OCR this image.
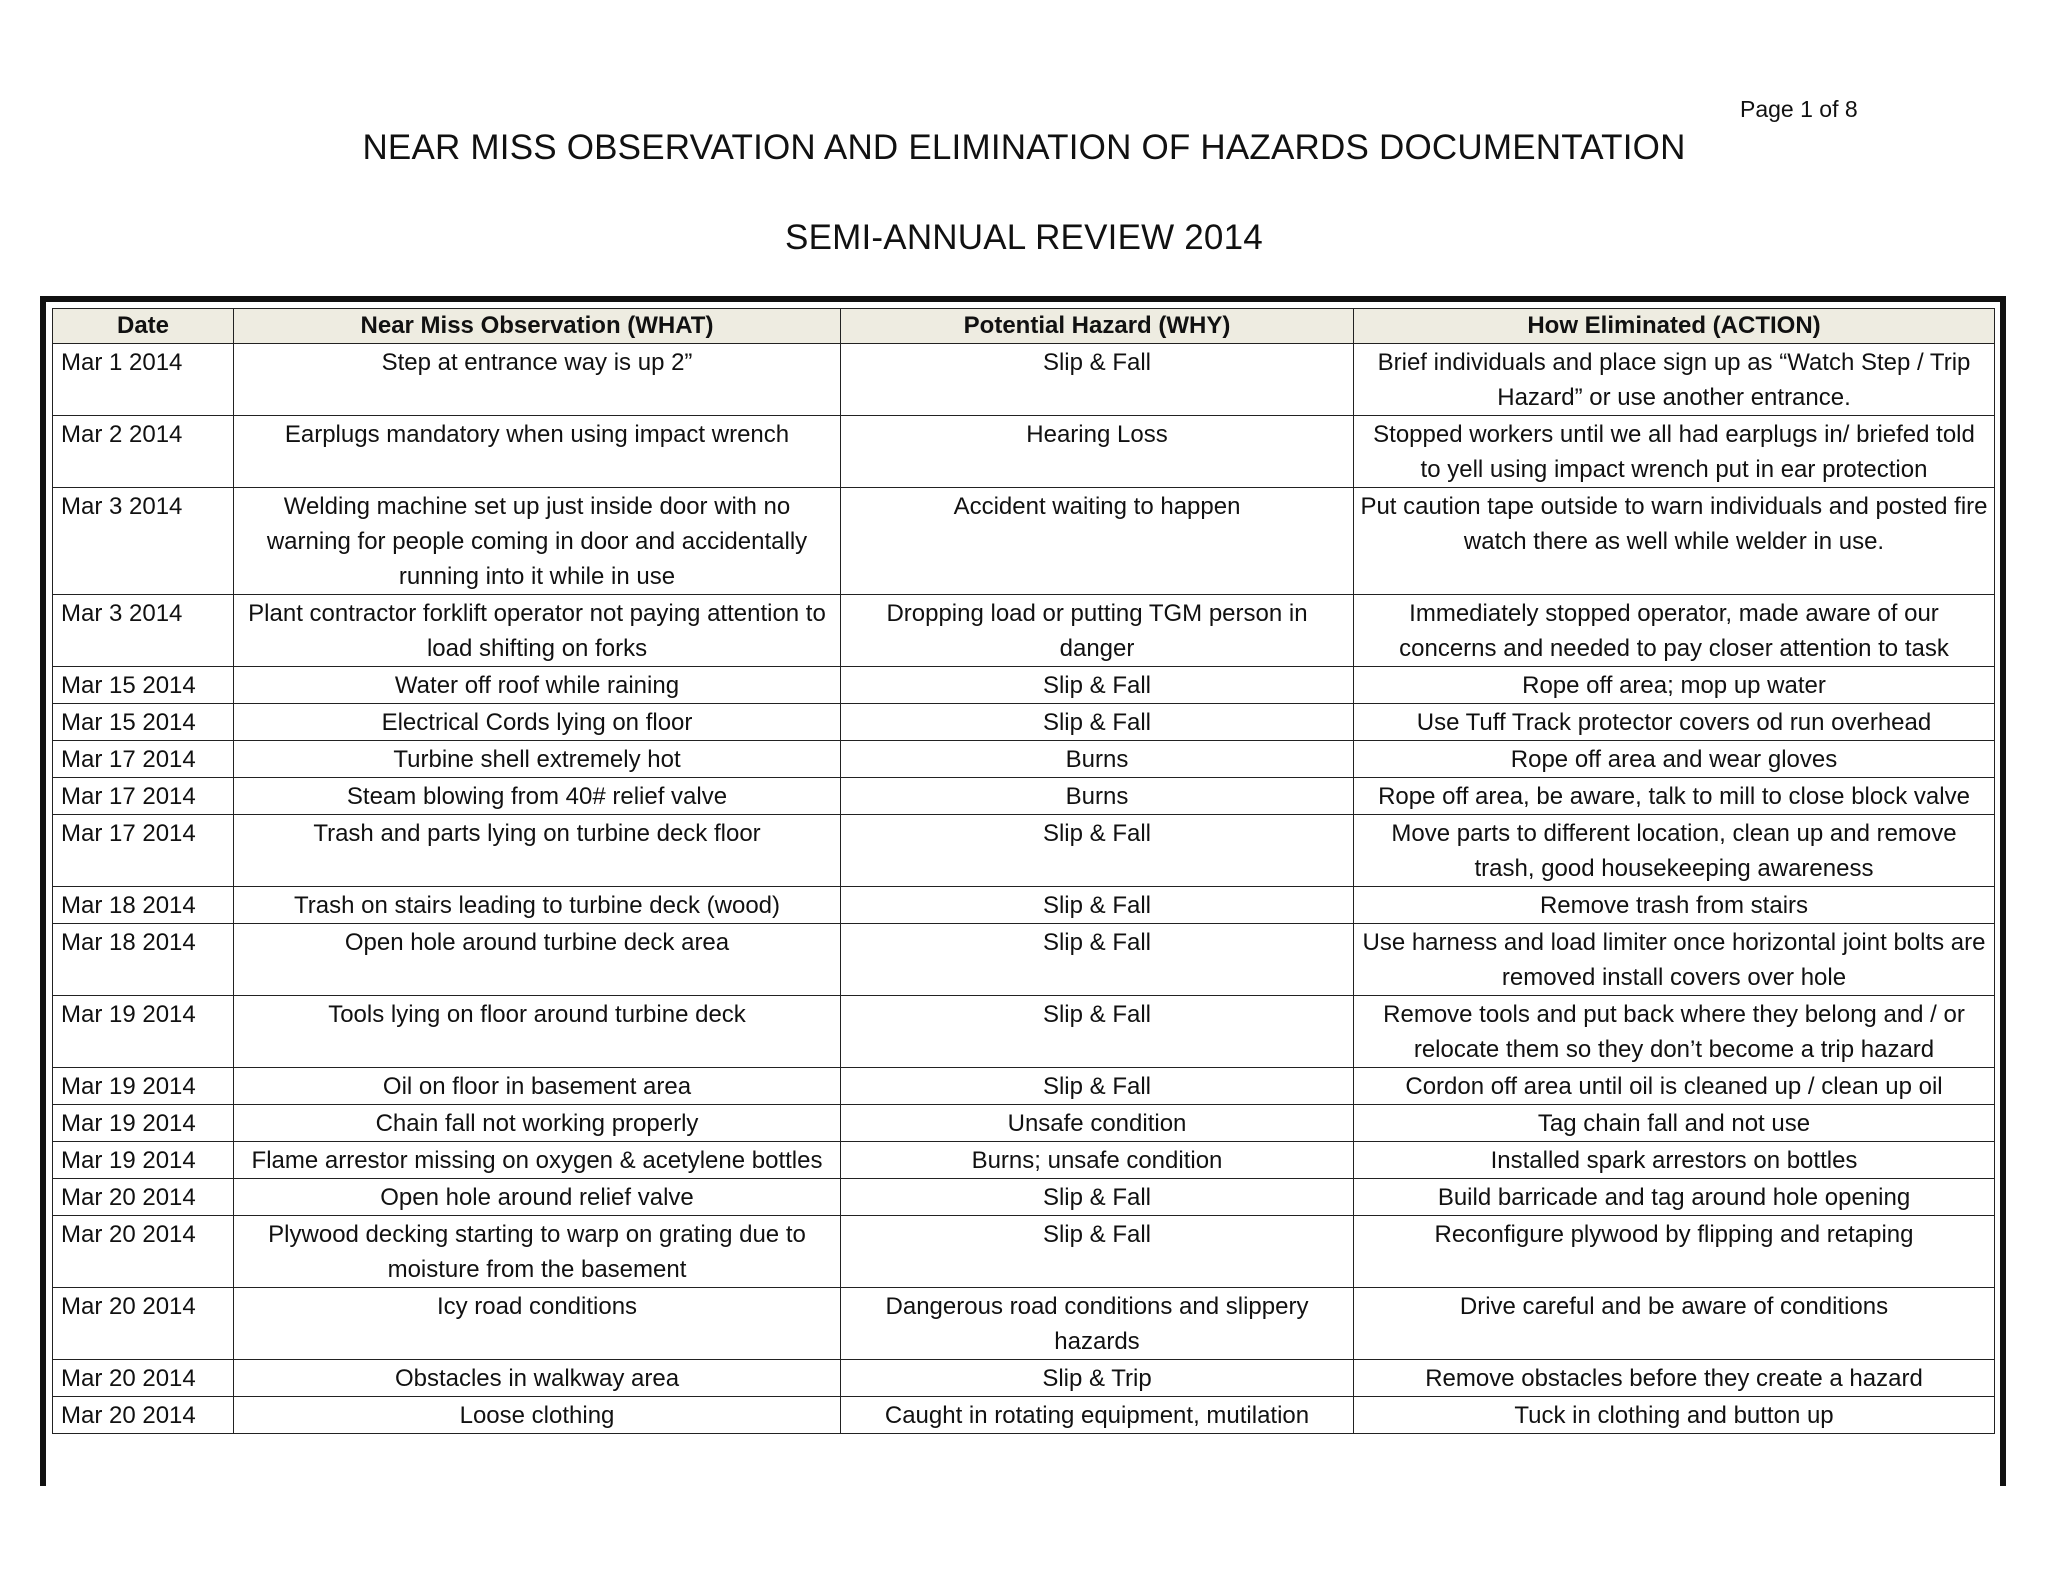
Page 1 of 8
NEAR MISS OBSERVATION AND ELIMINATION OF HAZARDS DOCUMENTATION
SEMI-ANNUAL REVIEW 2014
Date	Near Miss Observation (WHAT)	Potential Hazard (WHY)	How Eliminated (ACTION)
Mar 1 2014	Step at entrance way is up 2”	Slip & Fall	Brief individuals and place sign up as “Watch Step / Trip Hazard” or use another entrance.
Mar 2 2014	Earplugs mandatory when using impact wrench	Hearing Loss	Stopped workers until we all had earplugs in/ briefed told to yell using impact wrench put in ear protection
Mar 3 2014	Welding machine set up just inside door with no warning for people coming in door and accidentally running into it while in use	Accident waiting to happen	Put caution tape outside to warn individuals and posted fire watch there as well while welder in use.
Mar 3 2014	Plant contractor forklift operator not paying attention to load shifting on forks	Dropping load or putting TGM person in danger	Immediately stopped operator, made aware of our concerns and needed to pay closer attention to task
Mar 15 2014	Water off roof while raining	Slip & Fall	Rope off area; mop up water
Mar 15 2014	Electrical Cords lying on floor	Slip & Fall	Use Tuff Track protector covers od run overhead
Mar 17 2014	Turbine shell extremely hot	Burns	Rope off area and wear gloves
Mar 17 2014	Steam blowing from 40# relief valve	Burns	Rope off area, be aware, talk to mill to close block valve
Mar 17 2014	Trash and parts lying on turbine deck floor	Slip & Fall	Move parts to different location, clean up and remove trash, good housekeeping awareness
Mar 18 2014	Trash on stairs leading to turbine deck (wood)	Slip & Fall	Remove trash from stairs
Mar 18 2014	Open hole around turbine deck area	Slip & Fall	Use harness and load limiter once horizontal joint bolts are removed install covers over hole
Mar 19 2014	Tools lying on floor around turbine deck	Slip & Fall	Remove tools and put back where they belong and / or relocate them so they don’t become a trip hazard
Mar 19 2014	Oil on floor in basement area	Slip & Fall	Cordon off area until oil is cleaned up / clean up oil
Mar 19 2014	Chain fall not working properly	Unsafe condition	Tag chain fall and not use
Mar 19 2014	Flame arrestor missing on oxygen & acetylene bottles	Burns; unsafe condition	Installed spark arrestors on bottles
Mar 20 2014	Open hole around relief valve	Slip & Fall	Build barricade and tag around hole opening
Mar 20 2014	Plywood decking starting to warp on grating due to moisture from the basement	Slip & Fall	Reconfigure plywood by flipping and retaping
Mar 20 2014	Icy road conditions	Dangerous road conditions and slippery hazards	Drive careful and be aware of conditions
Mar 20 2014	Obstacles in walkway area	Slip & Trip	Remove obstacles before they create a hazard
Mar 20 2014	Loose clothing	Caught in rotating equipment, mutilation	Tuck in clothing and button up
